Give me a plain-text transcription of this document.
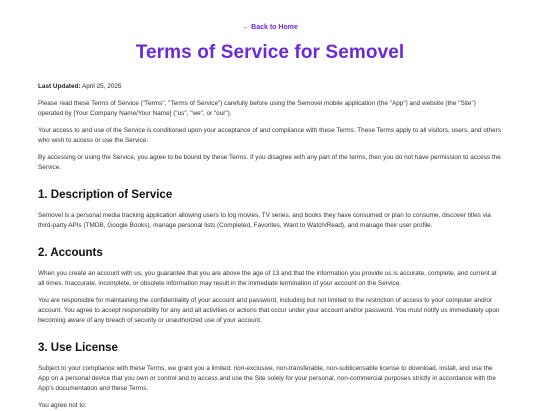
← Back to Home
Terms of Service for Semovel

Last Updated: April 25, 2025

Please read these Terms of Service ("Terms", "Terms of Service") carefully before using the Semovel mobile application (the "App") and website (the "Site") operated by [Your Company Name/Your Name] ("us", "we", or "our").

Your access to and use of the Service is conditioned upon your acceptance of and compliance with these Terms. These Terms apply to all visitors, users, and others who wish to access or use the Service.

By accessing or using the Service, you agree to be bound by these Terms. If you disagree with any part of the terms, then you do not have permission to access the Service.

1. Description of Service

Semovel is a personal media tracking application allowing users to log movies, TV series, and books they have consumed or plan to consume, discover titles via third-party APIs (TMDB, Google Books), manage personal lists (Completed, Favorites, Want to Watch/Read), and manage their user profile.

2. Accounts

When you create an account with us, you guarantee that you are above the age of 13 and that the information you provide us is accurate, complete, and current at all times. Inaccurate, incomplete, or obsolete information may result in the immediate termination of your account on the Service.

You are responsible for maintaining the confidentiality of your account and password, including but not limited to the restriction of access to your computer and/or account. You agree to accept responsibility for any and all activities or actions that occur under your account and/or password. You must notify us immediately upon becoming aware of any breach of security or unauthorized use of your account.

3. Use License

Subject to your compliance with these Terms, we grant you a limited, non-exclusive, non-transferable, non-sublicensable license to download, install, and use the App on a personal device that you own or control and to access and use the Site solely for your personal, non-commercial purposes strictly in accordance with the App's documentation and these Terms.

You agree not to:
